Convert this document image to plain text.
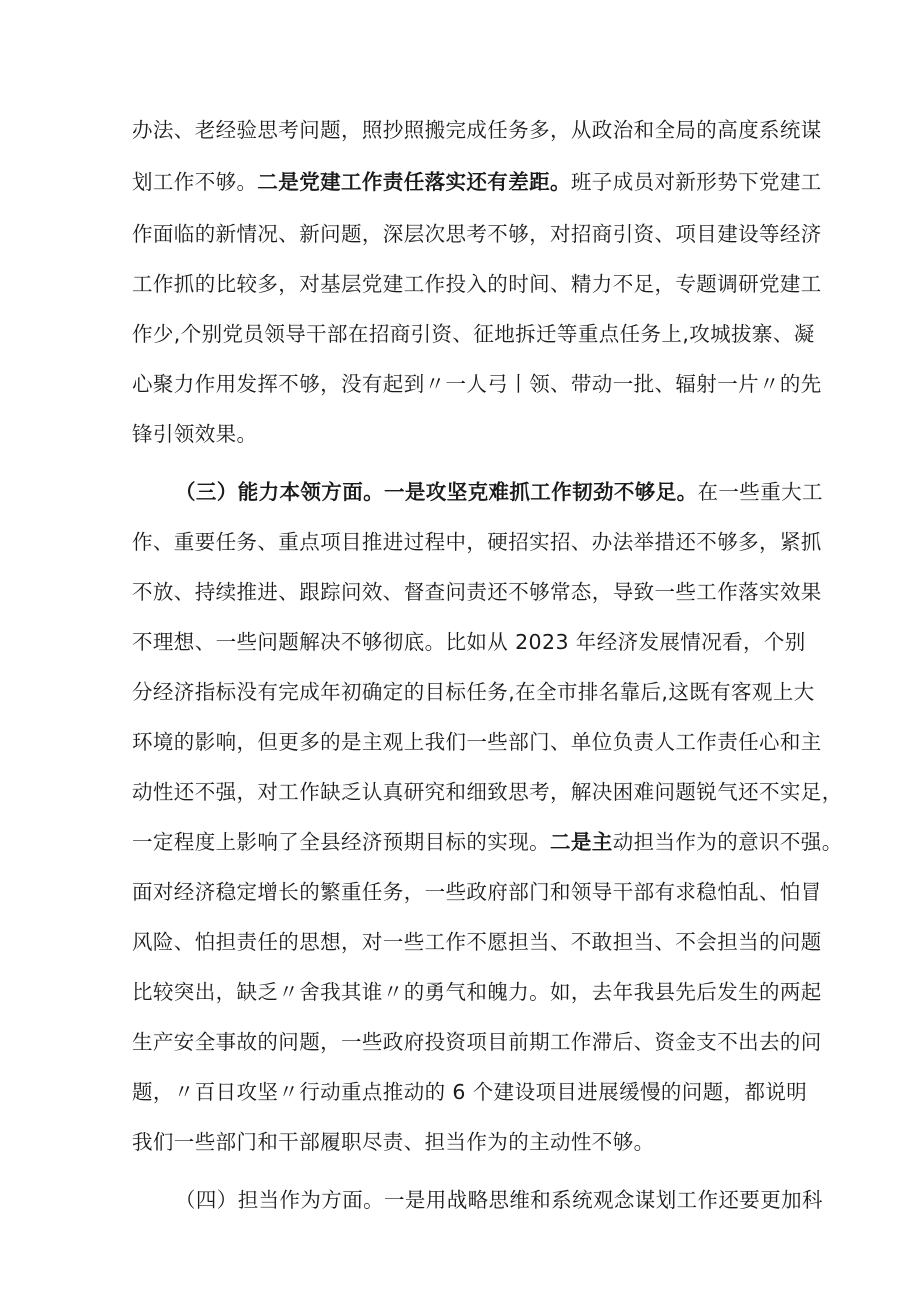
办法、老经验思考问题，照抄照搬完成任务多，从政治和全局的高度系统谋
划工作不够。二是党建工作责任落实还有差距。班子成员对新形势下党建工
作面临的新情况、新问题，深层次思考不够，对招商引资、项目建设等经济
工作抓的比较多，对基层党建工作投入的时间、精力不足，专题调研党建工
作少,个别党员领导干部在招商引资、征地拆迁等重点任务上,攻城拔寨、凝
心聚力作用发挥不够，没有起到〃一人弓丨领、带动一批、辐射一片〃的先
锋引领效果。
（三）能力本领方面。一是攻坚克难抓工作韧劲不够足。在一些重大工
作、重要任务、重点项目推进过程中，硬招实招、办法举措还不够多，紧抓
不放、持续推进、跟踪问效、督查问责还不够常态，导致一些工作落实效果
不理想、一些问题解决不够彻底。比如从 2023 年经济发展情况看，个别
分经济指标没有完成年初确定的目标任务,在全市排名靠后,这既有客观上大
环境的影响，但更多的是主观上我们一些部门、单位负责人工作责任心和主
动性还不强，对工作缺乏认真研究和细致思考，解决困难问题锐气还不实足，
一定程度上影响了全县经济预期目标的实现。二是主动担当作为的意识不强。
面对经济稳定增长的繁重任务，一些政府部门和领导干部有求稳怕乱、怕冒
风险、怕担责任的思想，对一些工作不愿担当、不敢担当、不会担当的问题
比较突出，缺乏〃舍我其谁〃的勇气和魄力。如，去年我县先后发生的两起
生产安全事故的问题，一些政府投资项目前期工作滞后、资金支不出去的问
题，〃百日攻坚〃行动重点推动的 6 个建设项目进展缓慢的问题，都说明
我们一些部门和干部履职尽责、担当作为的主动性不够。
（四）担当作为方面。一是用战略思维和系统观念谋划工作还要更加科
